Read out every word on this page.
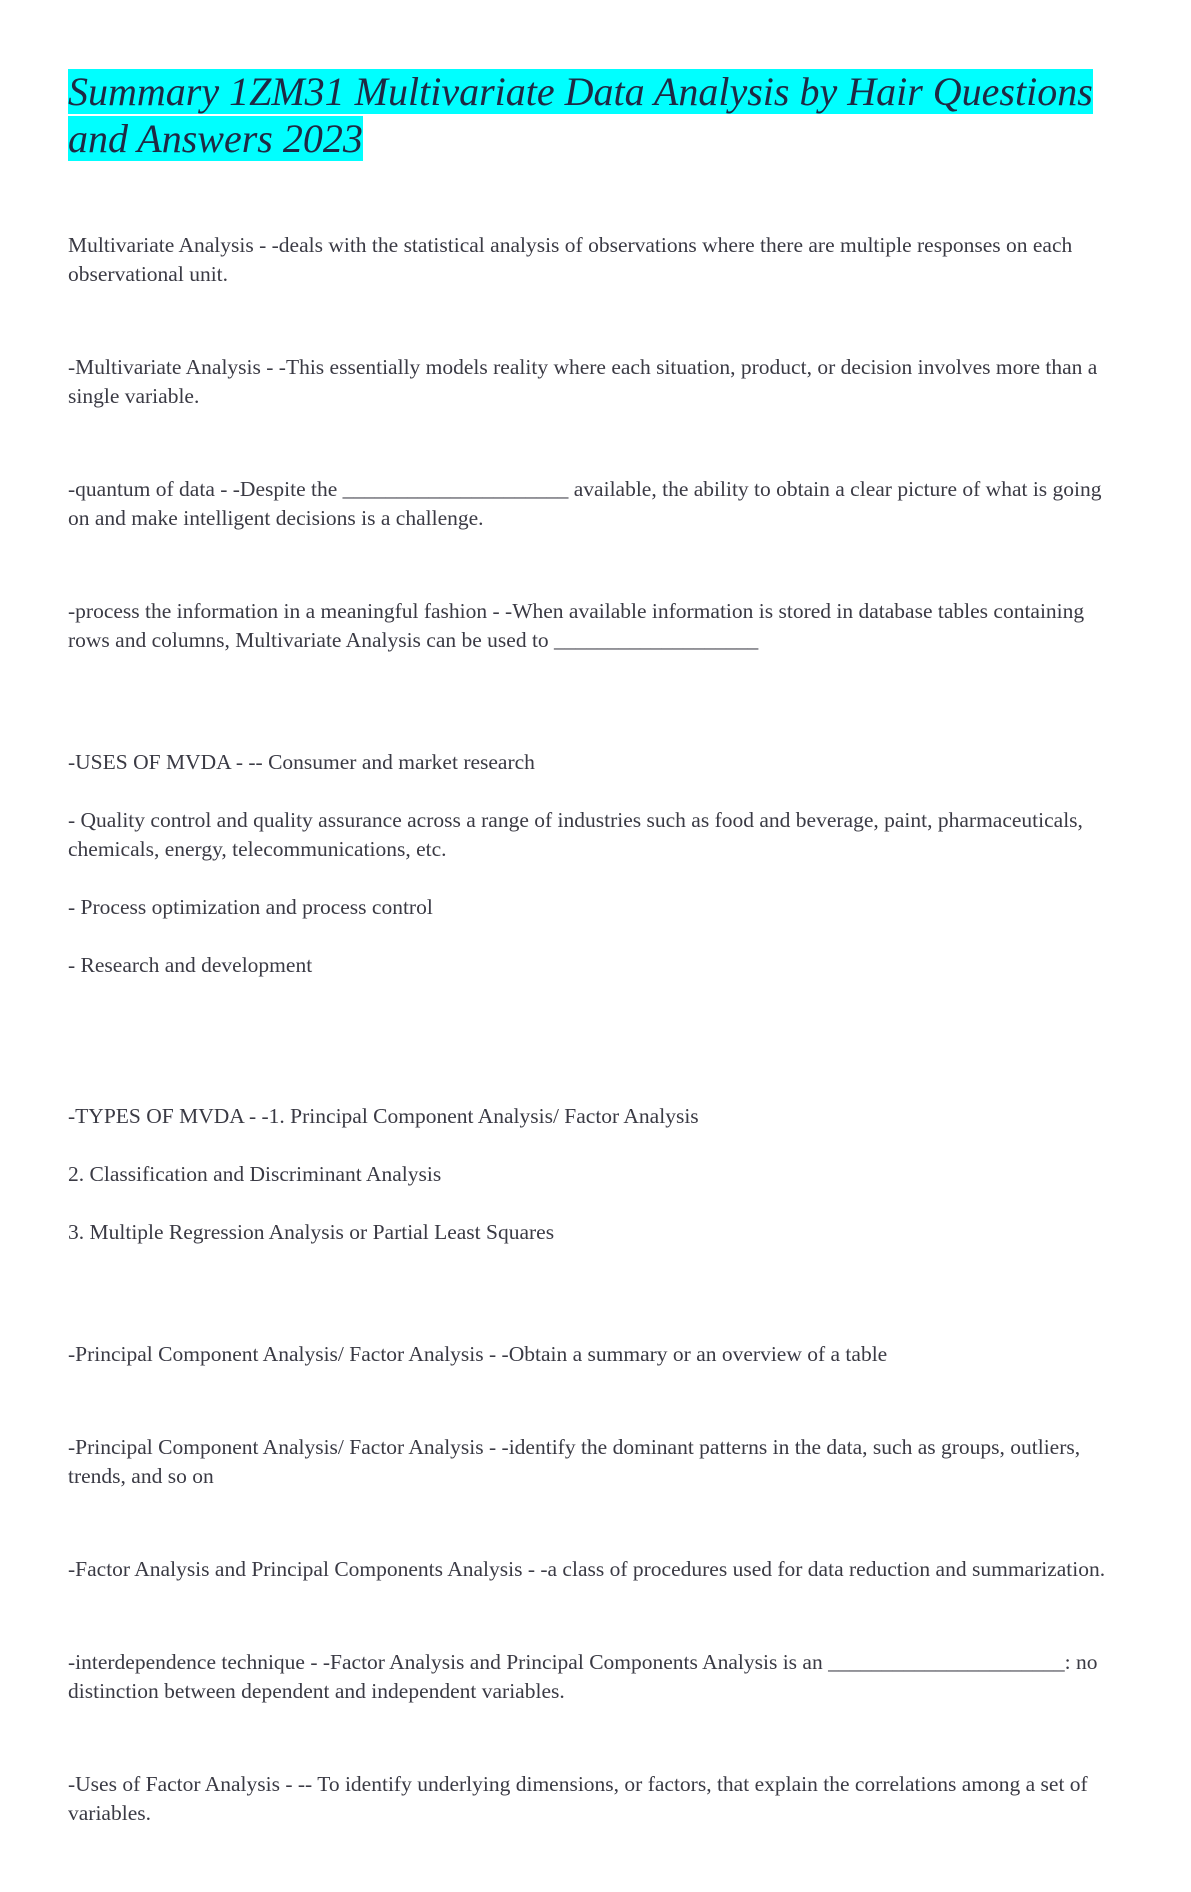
Summary 1ZM31 Multivariate Data Analysis by Hair Questions and Answers 2023

Multivariate Analysis - -deals with the statistical analysis of observations where there are multiple responses on each observational unit.

-Multivariate Analysis - -This essentially models reality where each situation, product, or decision involves more than a single variable.

-quantum of data - -Despite the _____________________ available, the ability to obtain a clear picture of what is going on and make intelligent decisions is a challenge.

-process the information in a meaningful fashion - -When available information is stored in database tables containing rows and columns, Multivariate Analysis can be used to ___________________

-USES OF MVDA - -- Consumer and market research

- Quality control and quality assurance across a range of industries such as food and beverage, paint, pharmaceuticals, chemicals, energy, telecommunications, etc.

- Process optimization and process control

- Research and development

-TYPES OF MVDA - -1. Principal Component Analysis/ Factor Analysis

2. Classification and Discriminant Analysis

3. Multiple Regression Analysis or Partial Least Squares

-Principal Component Analysis/ Factor Analysis - -Obtain a summary or an overview of a table

-Principal Component Analysis/ Factor Analysis - -identify the dominant patterns in the data, such as groups, outliers, trends, and so on

-Factor Analysis and Principal Components Analysis - -a class of procedures used for data reduction and summarization.

-interdependence technique - -Factor Analysis and Principal Components Analysis is an ______________________: no distinction between dependent and independent variables.

-Uses of Factor Analysis - -- To identify underlying dimensions, or factors, that explain the correlations among a set of variables.
